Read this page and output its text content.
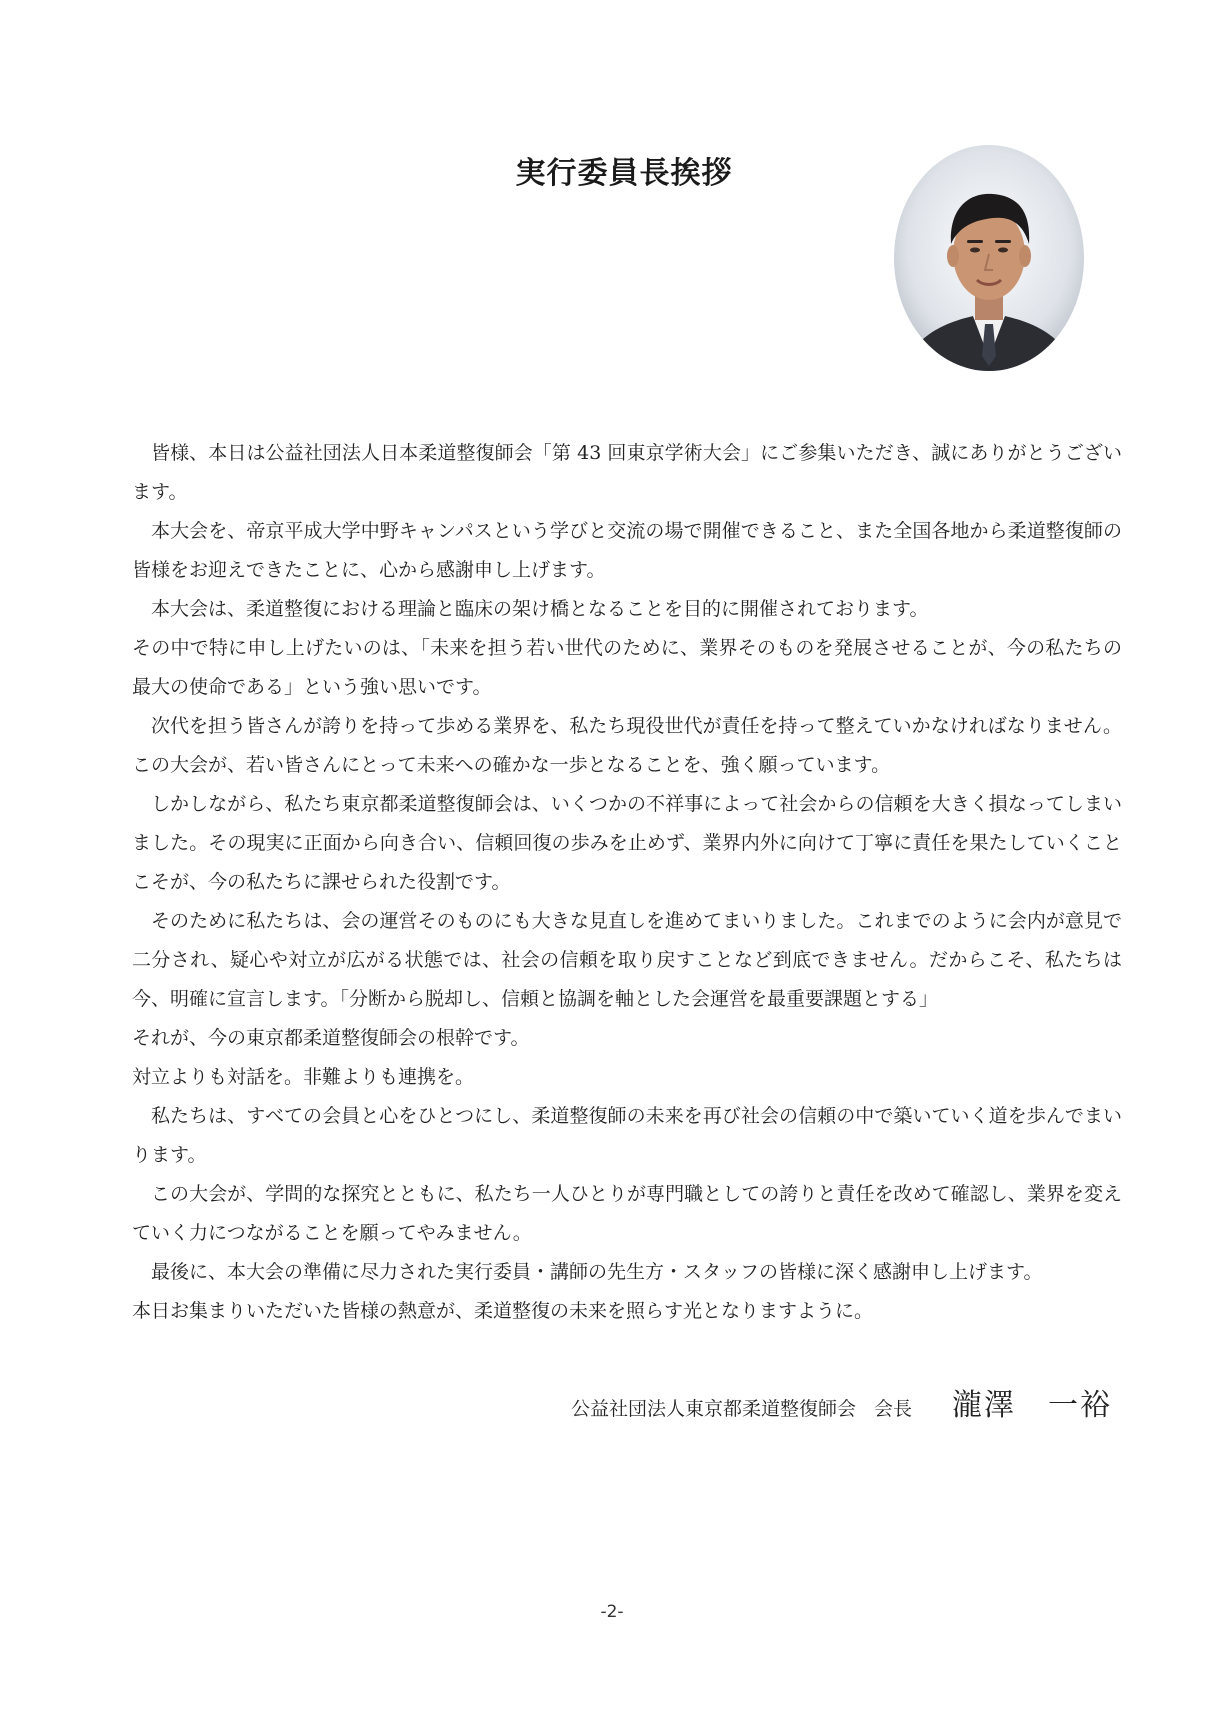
実行委員長挨拶

皆様、本日は公益社団法人日本柔道整復師会「第 43 回東京学術大会」にご参集いただき、誠にありがとうございます。

本大会を、帝京平成大学中野キャンパスという学びと交流の場で開催できること、また全国各地から柔道整復師の皆様をお迎えできたことに、心から感謝申し上げます。

本大会は、柔道整復における理論と臨床の架け橋となることを目的に開催されております。

その中で特に申し上げたいのは、「未来を担う若い世代のために、業界そのものを発展させることが、今の私たちの最大の使命である」という強い思いです。

次代を担う皆さんが誇りを持って歩める業界を、私たち現役世代が責任を持って整えていかなければなりません。この大会が、若い皆さんにとって未来への確かな一歩となることを、強く願っています。

しかしながら、私たち東京都柔道整復師会は、いくつかの不祥事によって社会からの信頼を大きく損なってしまいました。その現実に正面から向き合い、信頼回復の歩みを止めず、業界内外に向けて丁寧に責任を果たしていくことこそが、今の私たちに課せられた役割です。

そのために私たちは、会の運営そのものにも大きな見直しを進めてまいりました。これまでのように会内が意見で二分され、疑心や対立が広がる状態では、社会の信頼を取り戻すことなど到底できません。だからこそ、私たちは今、明確に宣言します。「分断から脱却し、信頼と協調を軸とした会運営を最重要課題とする」

それが、今の東京都柔道整復師会の根幹です。

対立よりも対話を。非難よりも連携を。

私たちは、すべての会員と心をひとつにし、柔道整復師の未来を再び社会の信頼の中で築いていく道を歩んでまいります。

この大会が、学問的な探究とともに、私たち一人ひとりが専門職としての誇りと責任を改めて確認し、業界を変えていく力につながることを願ってやみません。

最後に、本大会の準備に尽力された実行委員・講師の先生方・スタッフの皆様に深く感謝申し上げます。

本日お集まりいただいた皆様の熱意が、柔道整復の未来を照らす光となりますように。

公益社団法人東京都柔道整復師会 会長 瀧澤　一裕
-2-
